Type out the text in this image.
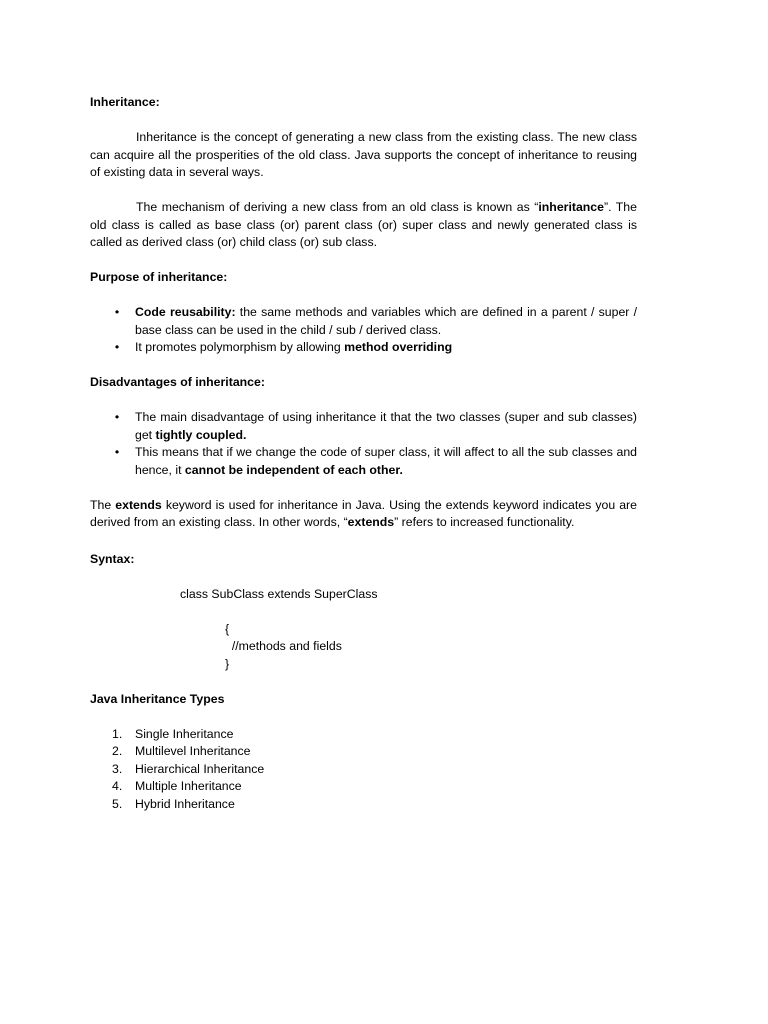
Inheritance:

Inheritance is the concept of generating a new class from the existing class. The new class can acquire all the prosperities of the old class. Java supports the concept of inheritance to reusing of existing data in several ways.

The mechanism of deriving a new class from an old class is known as “inheritance”. The old class is called as base class (or) parent class (or) super class and newly generated class is called as derived class (or) child class (or) sub class.

Purpose of inheritance:

•	Code reusability: the same methods and variables which are defined in a parent / super / base class can be used in the child / sub / derived class.
•	It promotes polymorphism by allowing method overriding

Disadvantages of inheritance:

•	The main disadvantage of using inheritance it that the two classes (super and sub classes) get tightly coupled.
•	This means that if we change the code of super class, it will affect to all the sub classes and hence, it cannot be independent of each other.

The extends keyword is used for inheritance in Java. Using the extends keyword indicates you are derived from an existing class. In other words, “extends” refers to increased functionality.

Syntax:

class SubClass extends SuperClass

{

//methods and fields

}

Java Inheritance Types

1. Single Inheritance
2. Multilevel Inheritance
3. Hierarchical Inheritance
4. Multiple Inheritance
5. Hybrid Inheritance
